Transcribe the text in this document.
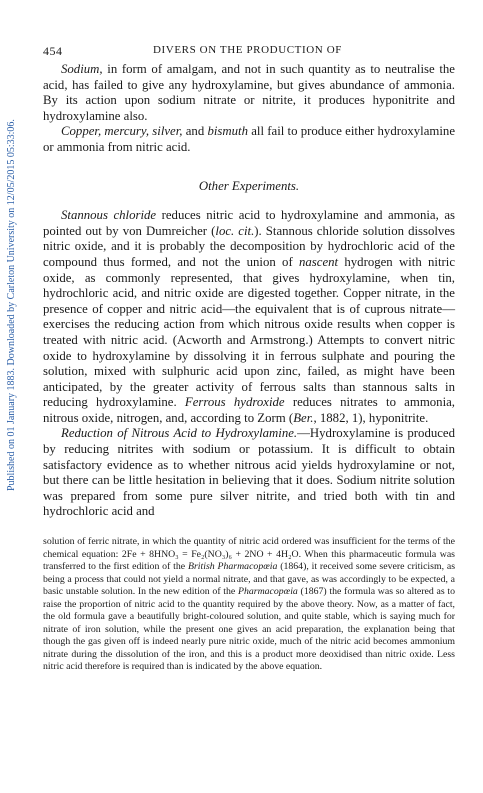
Published on 01 January 1883. Downloaded by Carleton University on 12/05/2015 05:33:06.
454	DIVERS ON THE PRODUCTION OF

Sodium, in form of amalgam, and not in such quantity as to neutralise the acid, has failed to give any hydroxylamine, but gives abundance of ammonia. By its action upon sodium nitrate or nitrite, it produces hyponitrite and hydroxylamine also.

Copper, mercury, silver, and bismuth all fail to produce either hydroxylamine or ammonia from nitric acid.

Other Experiments.

Stannous chloride reduces nitric acid to hydroxylamine and ammonia, as pointed out by von Dumreicher (loc. cit.). Stannous chloride solution dissolves nitric oxide, and it is probably the decomposition by hydrochloric acid of the compound thus formed, and not the union of nascent hydrogen with nitric oxide, as commonly represented, that gives hydroxylamine, when tin, hydrochloric acid, and nitric oxide are digested together. Copper nitrate, in the presence of copper and nitric acid—the equivalent that is of cuprous nitrate—exercises the reducing action from which nitrous oxide results when copper is treated with nitric acid. (Acworth and Armstrong.) Attempts to convert nitric oxide to hydroxylamine by dissolving it in ferrous sulphate and pouring the solution, mixed with sulphuric acid upon zinc, failed, as might have been anticipated, by the greater activity of ferrous salts than stannous salts in reducing hydroxylamine. Ferrous hydroxide reduces nitrates to ammonia, nitrous oxide, nitrogen, and, according to Zorm (Ber., 1882, 1), hyponitrite.

Reduction of Nitrous Acid to Hydroxylamine.—Hydroxylamine is produced by reducing nitrites with sodium or potassium. It is difficult to obtain satisfactory evidence as to whether nitrous acid yields hydroxylamine or not, but there can be little hesitation in believing that it does. Sodium nitrite solution was prepared from some pure silver nitrite, and tried both with tin and hydrochloric acid and

solution of ferric nitrate, in which the quantity of nitric acid ordered was insufficient for the terms of the chemical equation: 2Fe + 8HNO₃ = Fe₂(NO₃)₆ + 2NO + 4H₂O. When this pharmaceutic formula was transferred to the first edition of the British Pharmacopœia (1864), it received some severe criticism, as being a process that could not yield a normal nitrate, and that gave, as was accordingly to be expected, a basic unstable solution. In the new edition of the Pharmacopœia (1867) the formula was so altered as to raise the proportion of nitric acid to the quantity required by the above theory. Now, as a matter of fact, the old formula gave a beautifully bright-coloured solution, and quite stable, which is saying much for nitrate of iron solution, while the present one gives an acid preparation, the explanation being that though the gas given off is indeed nearly pure nitric oxide, much of the nitric acid becomes ammonium nitrate during the dissolution of the iron, and this is a product more deoxidised than nitric oxide. Less nitric acid therefore is required than is indicated by the above equation.
